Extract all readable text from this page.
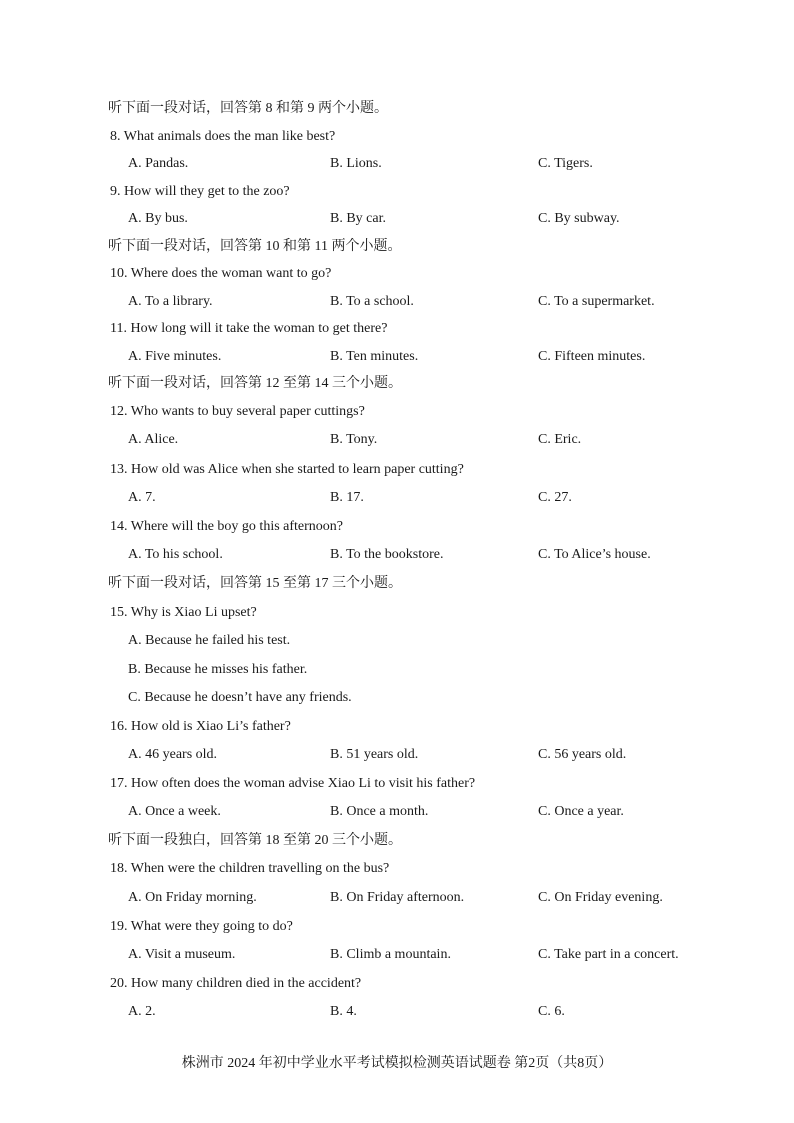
听下面一段对话，回答第 8 和第 9 两个小题。
8. What animals does the man like best?
A. Pandas.	B. Lions.	C. Tigers.
9. How will they get to the zoo?
A. By bus.	B. By car.	C. By subway.
听下面一段对话，回答第 10 和第 11 两个小题。
10. Where does the woman want to go?
A. To a library.	B. To a school.	C. To a supermarket.
11. How long will it take the woman to get there?
A. Five minutes.	B. Ten minutes.	C. Fifteen minutes.
听下面一段对话，回答第 12 至第 14 三个小题。
12. Who wants to buy several paper cuttings?
A. Alice.	B. Tony.	C. Eric.
13. How old was Alice when she started to learn paper cutting?
A. 7.	B. 17.	C. 27.
14. Where will the boy go this afternoon?
A. To his school.	B. To the bookstore.	C. To Alice’s house.
听下面一段对话，回答第 15 至第 17 三个小题。
15. Why is Xiao Li upset?
A. Because he failed his test.
B. Because he misses his father.
C. Because he doesn’t have any friends.
16. How old is Xiao Li’s father?
A. 46 years old.	B. 51 years old.	C. 56 years old.
17. How often does the woman advise Xiao Li to visit his father?
A. Once a week.	B. Once a month.	C. Once a year.
听下面一段独白，回答第 18 至第 20 三个小题。
18. When were the children travelling on the bus?
A. On Friday morning.	B. On Friday afternoon.	C. On Friday evening.
19. What were they going to do?
A. Visit a museum.	B. Climb a mountain.	C. Take part in a concert.
20. How many children died in the accident?
A. 2.	B. 4.	C. 6.
株洲市 2024 年初中学业水平考试模拟检测英语试题卷 第2页（共8页）
